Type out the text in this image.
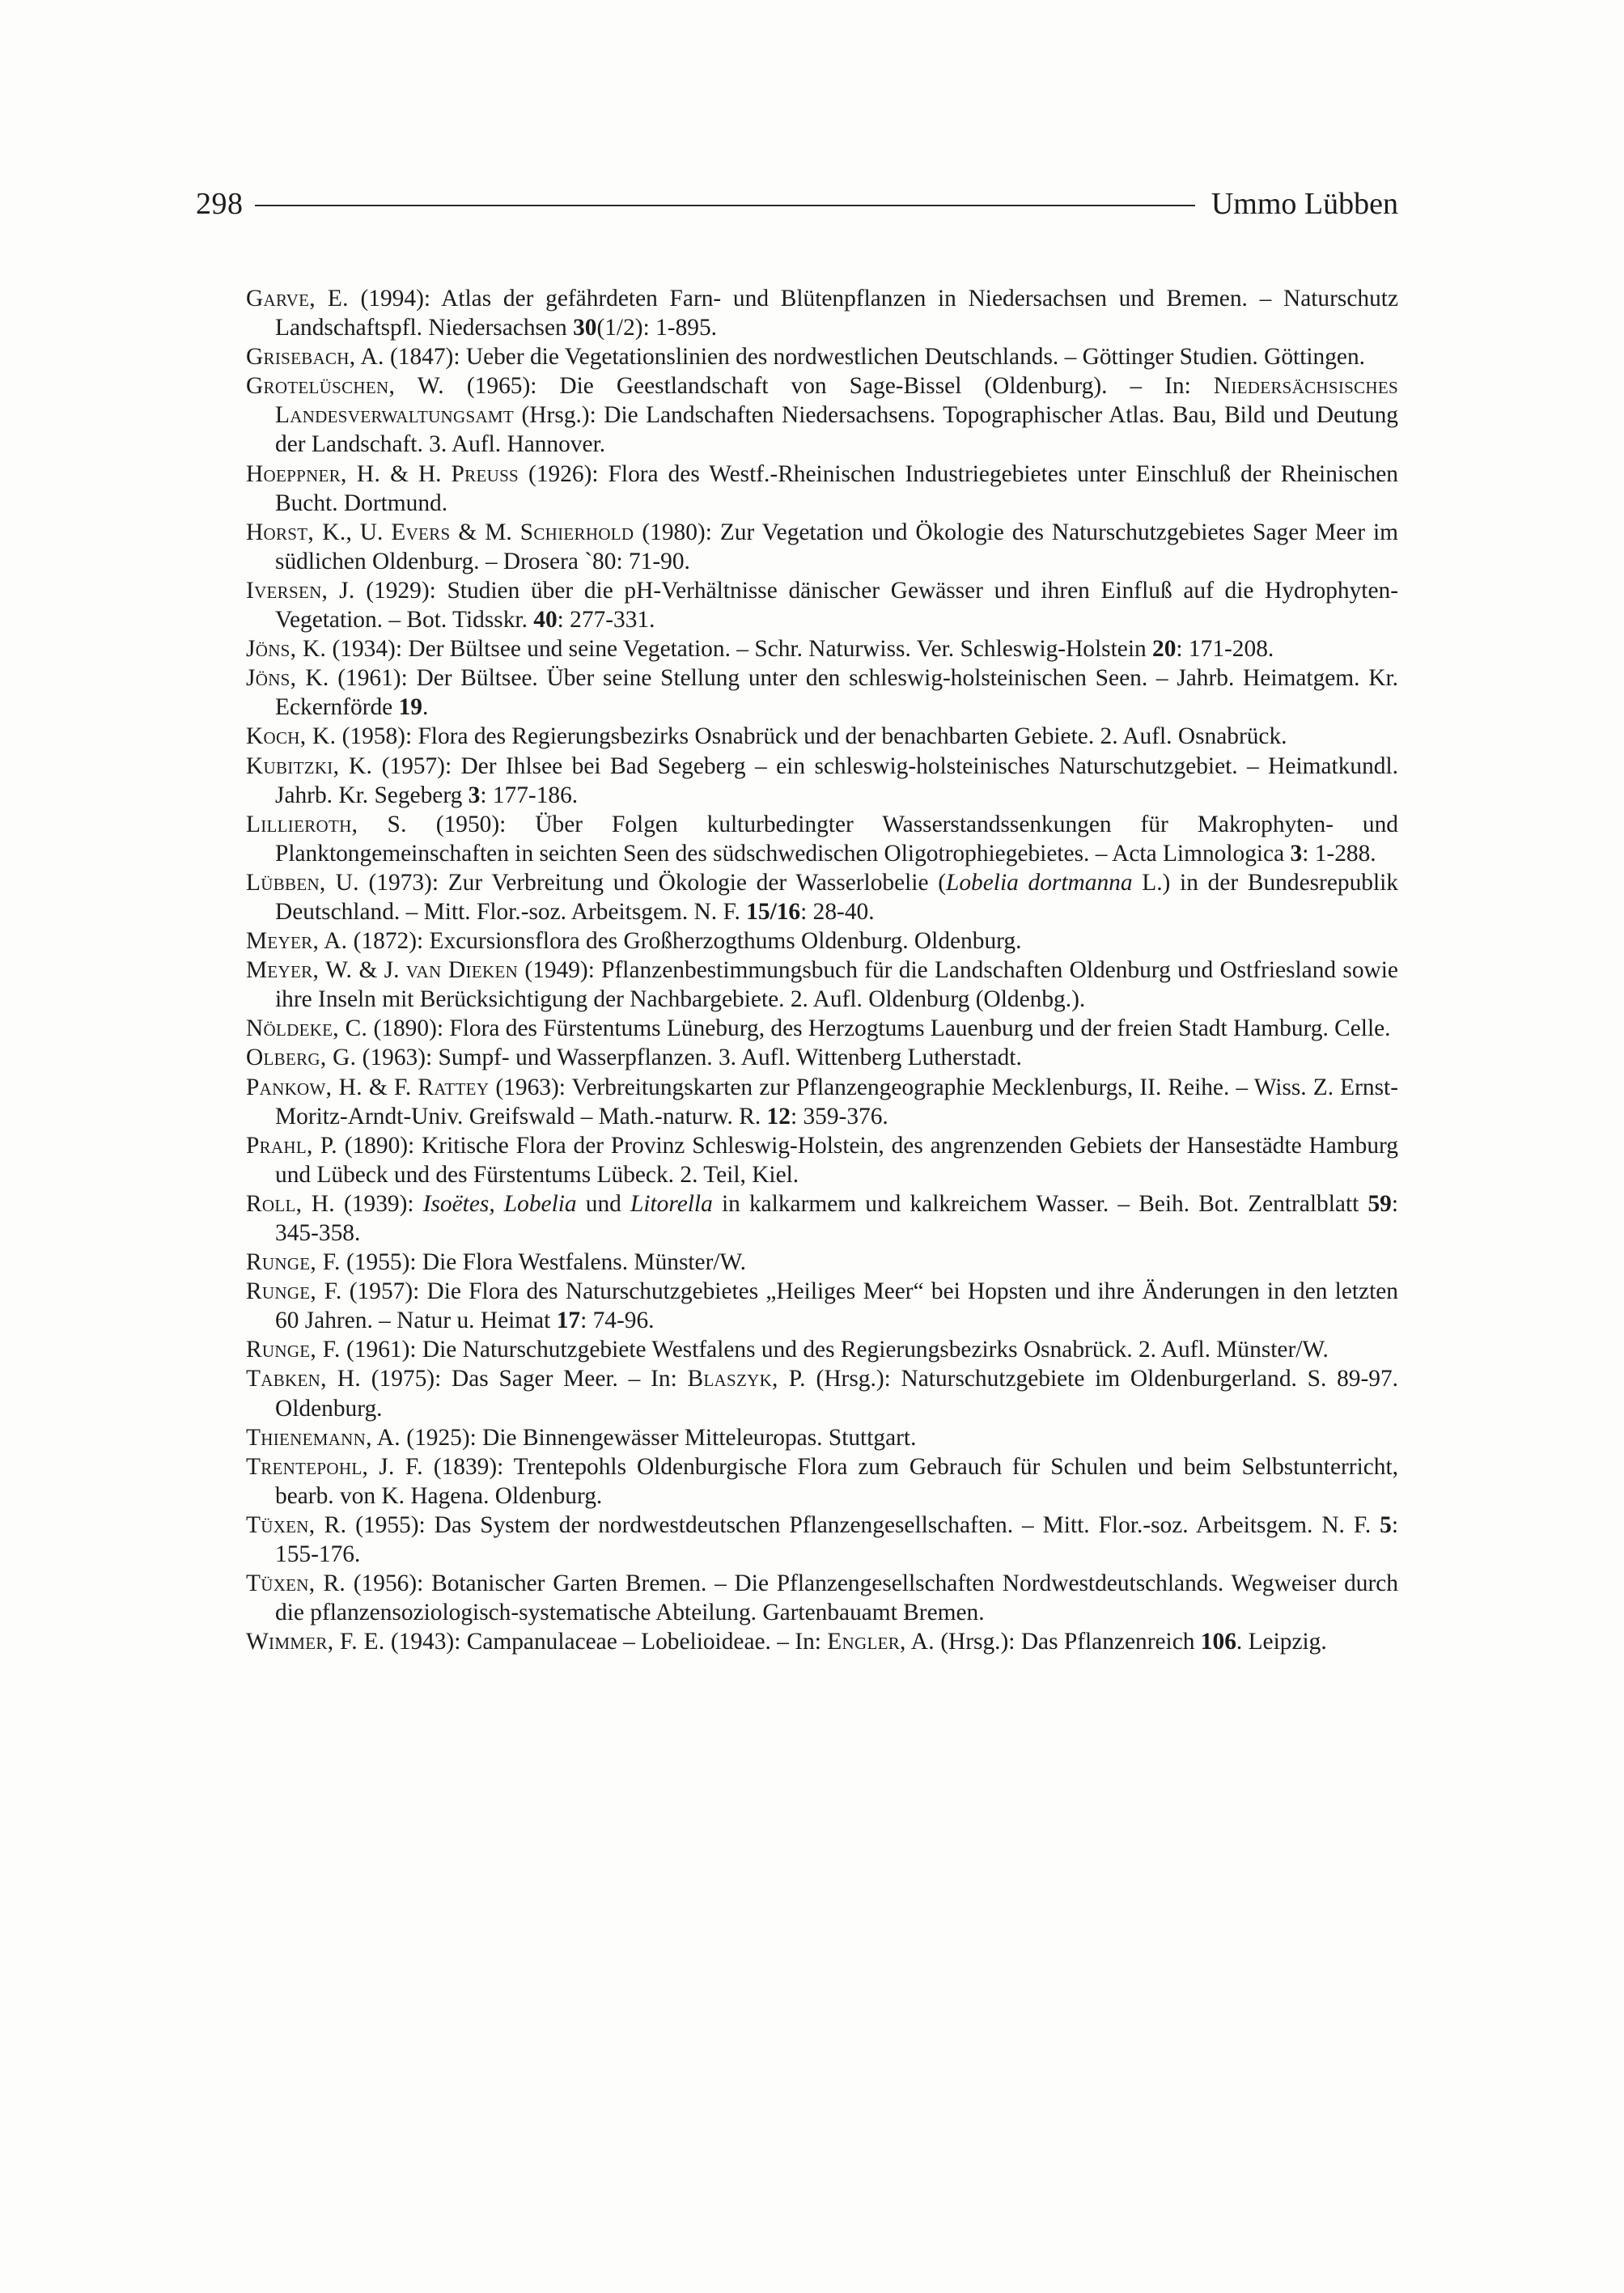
298	Ummo Lübben
Garve, E. (1994): Atlas der gefährdeten Farn- und Blütenpflanzen in Niedersachsen und Bremen. – Naturschutz Landschaftspfl. Niedersachsen 30(1/2): 1-895.
Grisebach, A. (1847): Ueber die Vegetationslinien des nordwestlichen Deutschlands. – Göttinger Studien. Göttingen.
Grotelüschen, W. (1965): Die Geestlandschaft von Sage-Bissel (Oldenburg). – In: Niedersächsisches Landesverwaltungsamt (Hrsg.): Die Landschaften Niedersachsens. Topographischer Atlas. Bau, Bild und Deutung der Landschaft. 3. Aufl. Hannover.
Hoeppner, H. & H. Preuss (1926): Flora des Westf.-Rheinischen Industriegebietes unter Einschluß der Rheinischen Bucht. Dortmund.
Horst, K., U. Evers & M. Schierhold (1980): Zur Vegetation und Ökologie des Naturschutzgebietes Sager Meer im südlichen Oldenburg. – Drosera `80: 71-90.
Iversen, J. (1929): Studien über die pH-Verhältnisse dänischer Gewässer und ihren Einfluß auf die Hydrophyten-Vegetation. – Bot. Tidsskr. 40: 277-331.
Jöns, K. (1934): Der Bültsee und seine Vegetation. – Schr. Naturwiss. Ver. Schleswig-Holstein 20: 171-208.
Jöns, K. (1961): Der Bültsee. Über seine Stellung unter den schleswig-holsteinischen Seen. – Jahrb. Heimatgem. Kr. Eckernförde 19.
Koch, K. (1958): Flora des Regierungsbezirks Osnabrück und der benachbarten Gebiete. 2. Aufl. Osnabrück.
Kubitzki, K. (1957): Der Ihlsee bei Bad Segeberg – ein schleswig-holsteinisches Naturschutzgebiet. – Heimatkundl. Jahrb. Kr. Segeberg 3: 177-186.
Lillieroth, S. (1950): Über Folgen kulturbedingter Wasserstandssenkungen für Makrophyten- und Planktongemeinschaften in seichten Seen des südschwedischen Oligotrophiegebietes. – Acta Limnologica 3: 1-288.
Lübben, U. (1973): Zur Verbreitung und Ökologie der Wasserlobelie (Lobelia dortmanna L.) in der Bundesrepublik Deutschland. – Mitt. Flor.-soz. Arbeitsgem. N. F. 15/16: 28-40.
Meyer, A. (1872): Excursionsflora des Großherzogthums Oldenburg. Oldenburg.
Meyer, W. & J. van Dieken (1949): Pflanzenbestimmungsbuch für die Landschaften Oldenburg und Ostfriesland sowie ihre Inseln mit Berücksichtigung der Nachbargebiete. 2. Aufl. Oldenburg (Oldenbg.).
Nöldeke, C. (1890): Flora des Fürstentums Lüneburg, des Herzogtums Lauenburg und der freien Stadt Hamburg. Celle.
Olberg, G. (1963): Sumpf- und Wasserpflanzen. 3. Aufl. Wittenberg Lutherstadt.
Pankow, H. & F. Rattey (1963): Verbreitungskarten zur Pflanzengeographie Mecklenburgs, II. Reihe. – Wiss. Z. Ernst-Moritz-Arndt-Univ. Greifswald – Math.-naturw. R. 12: 359-376.
Prahl, P. (1890): Kritische Flora der Provinz Schleswig-Holstein, des angrenzenden Gebiets der Hansestädte Hamburg und Lübeck und des Fürstentums Lübeck. 2. Teil, Kiel.
Roll, H. (1939): Isoëtes, Lobelia und Litorella in kalkarmem und kalkreichem Wasser. – Beih. Bot. Zentralblatt 59: 345-358.
Runge, F. (1955): Die Flora Westfalens. Münster/W.
Runge, F. (1957): Die Flora des Naturschutzgebietes „Heiliges Meer“ bei Hopsten und ihre Änderungen in den letzten 60 Jahren. – Natur u. Heimat 17: 74-96.
Runge, F. (1961): Die Naturschutzgebiete Westfalens und des Regierungsbezirks Osnabrück. 2. Aufl. Münster/W.
Tabken, H. (1975): Das Sager Meer. – In: Blaszyk, P. (Hrsg.): Naturschutzgebiete im Oldenburgerland. S. 89-97. Oldenburg.
Thienemann, A. (1925): Die Binnengewässer Mitteleuropas. Stuttgart.
Trentepohl, J. F. (1839): Trentepohls Oldenburgische Flora zum Gebrauch für Schulen und beim Selbstunterricht, bearb. von K. Hagena. Oldenburg.
Tüxen, R. (1955): Das System der nordwestdeutschen Pflanzengesellschaften. – Mitt. Flor.-soz. Arbeitsgem. N. F. 5: 155-176.
Tüxen, R. (1956): Botanischer Garten Bremen. – Die Pflanzengesellschaften Nordwestdeutschlands. Wegweiser durch die pflanzensoziologisch-systematische Abteilung. Gartenbauamt Bremen.
Wimmer, F. E. (1943): Campanulaceae – Lobelioideae. – In: Engler, A. (Hrsg.): Das Pflanzenreich 106. Leipzig.
